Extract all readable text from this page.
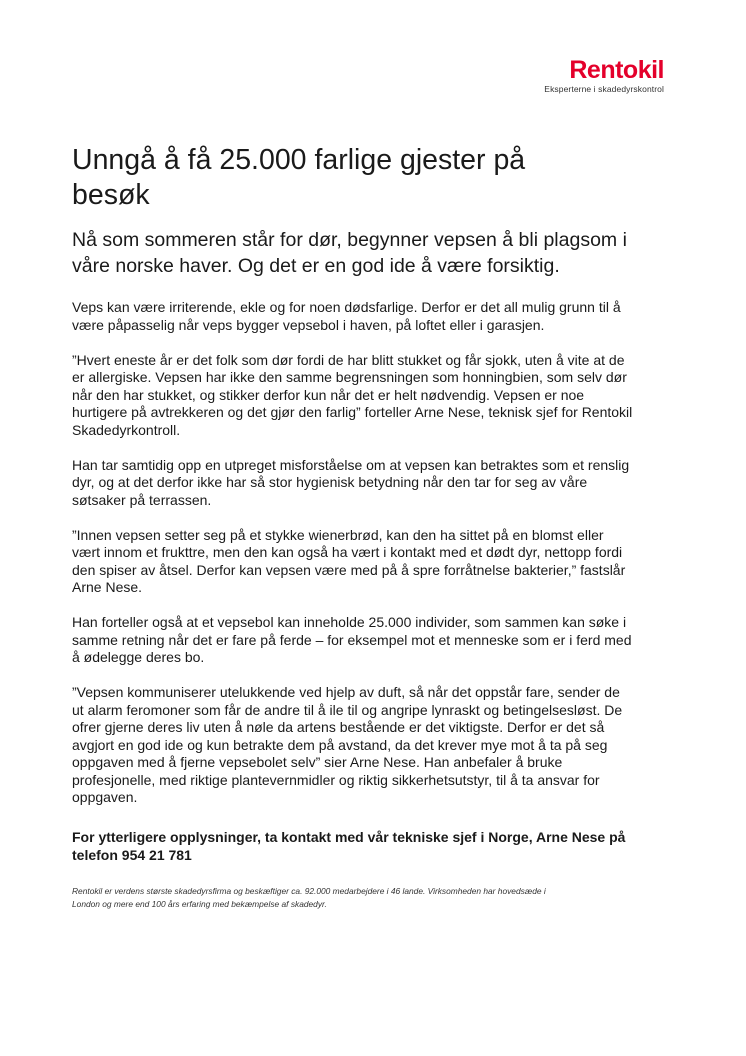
Rentokil
Eksperterne i skadedyrskontrol
Unngå å få 25.000 farlige gjester på
besøk

Nå som sommeren står for dør, begynner vepsen å bli plagsom i
våre norske haver. Og det er en god ide å være forsiktig.

Veps kan være irriterende, ekle og for noen dødsfarlige. Derfor er det all mulig grunn til å
være påpasselig når veps bygger vepsebol i haven, på loftet eller i garasjen.

”Hvert eneste år er det folk som dør fordi de har blitt stukket og får sjokk, uten å vite at de
er allergiske. Vepsen har ikke den samme begrensningen som honningbien, som selv dør
når den har stukket, og stikker derfor kun når det er helt nødvendig. Vepsen er noe
hurtigere på avtrekkeren og det gjør den farlig” forteller Arne Nese, teknisk sjef for Rentokil
Skadedyrkontroll.

Han tar samtidig opp en utpreget misforståelse om at vepsen kan betraktes som et renslig
dyr, og at det derfor ikke har så stor hygienisk betydning når den tar for seg av våre
søtsaker på terrassen.

”Innen vepsen setter seg på et stykke wienerbrød, kan den ha sittet på en blomst eller
vært innom et frukttre, men den kan også ha vært i kontakt med et dødt dyr, nettopp fordi
den spiser av åtsel. Derfor kan vepsen være med på å spre forråtnelse bakterier,” fastslår
Arne Nese.

Han forteller også at et vepsebol kan inneholde 25.000 individer, som sammen kan søke i
samme retning når det er fare på ferde – for eksempel mot et menneske som er i ferd med
å ødelegge deres bo.

”Vepsen kommuniserer utelukkende ved hjelp av duft, så når det oppstår fare, sender de
ut alarm feromoner som får de andre til å ile til og angripe lynraskt og betingelsesløst. De
ofrer gjerne deres liv uten å nøle da artens bestående er det viktigste. Derfor er det så
avgjort en god ide og kun betrakte dem på avstand, da det krever mye mot å ta på seg
oppgaven med å fjerne vepsebolet selv” sier Arne Nese. Han anbefaler å bruke
profesjonelle, med riktige plantevernmidler og riktig sikkerhetsutstyr, til å ta ansvar for
oppgaven.

For ytterligere opplysninger, ta kontakt med vår tekniske sjef i Norge, Arne Nese på
telefon 954 21 781

Rentokil er verdens største skadedyrsfirma og beskæftiger ca. 92.000 medarbejdere i 46 lande. Virksomheden har hovedsæde i
London og mere end 100 års erfaring med bekæmpelse af skadedyr.
